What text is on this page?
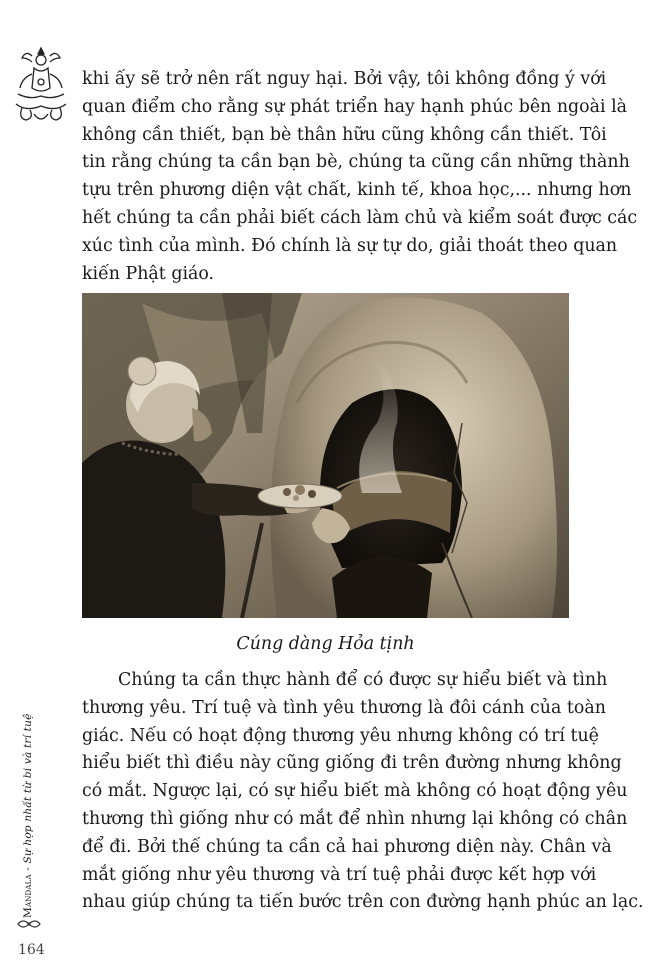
khi ấy sẽ trở nên rất nguy hại. Bởi vậy, tôi không đồng ý với
quan điểm cho rằng sự phát triển hay hạnh phúc bên ngoài là
không cần thiết, bạn bè thân hữu cũng không cần thiết. Tôi
tin rằng chúng ta cần bạn bè, chúng ta cũng cần những thành
tựu trên phương diện vật chất, kinh tế, khoa học,... nhưng hơn
hết chúng ta cần phải biết cách làm chủ và kiểm soát được các
xúc tình của mình. Đó chính là sự tự do, giải thoát theo quan
kiến Phật giáo.

Cúng dàng Hỏa tịnh

Chúng ta cần thực hành để có được sự hiểu biết và tình
thương yêu. Trí tuệ và tình yêu thương là đôi cánh của toàn
giác. Nếu có hoạt động thương yêu nhưng không có trí tuệ
hiểu biết thì điều này cũng giống đi trên đường nhưng không
có mắt. Ngược lại, có sự hiểu biết mà không có hoạt động yêu
thương thì giống như có mắt để nhìn nhưng lại không có chân
để đi. Bởi thế chúng ta cần cả hai phương diện này. Chân và
mắt giống như yêu thương và trí tuệ phải được kết hợp với
nhau giúp chúng ta tiến bước trên con đường hạnh phúc an lạc.

Mandala - Sự hợp nhất từ bi và trí tuệ
164
